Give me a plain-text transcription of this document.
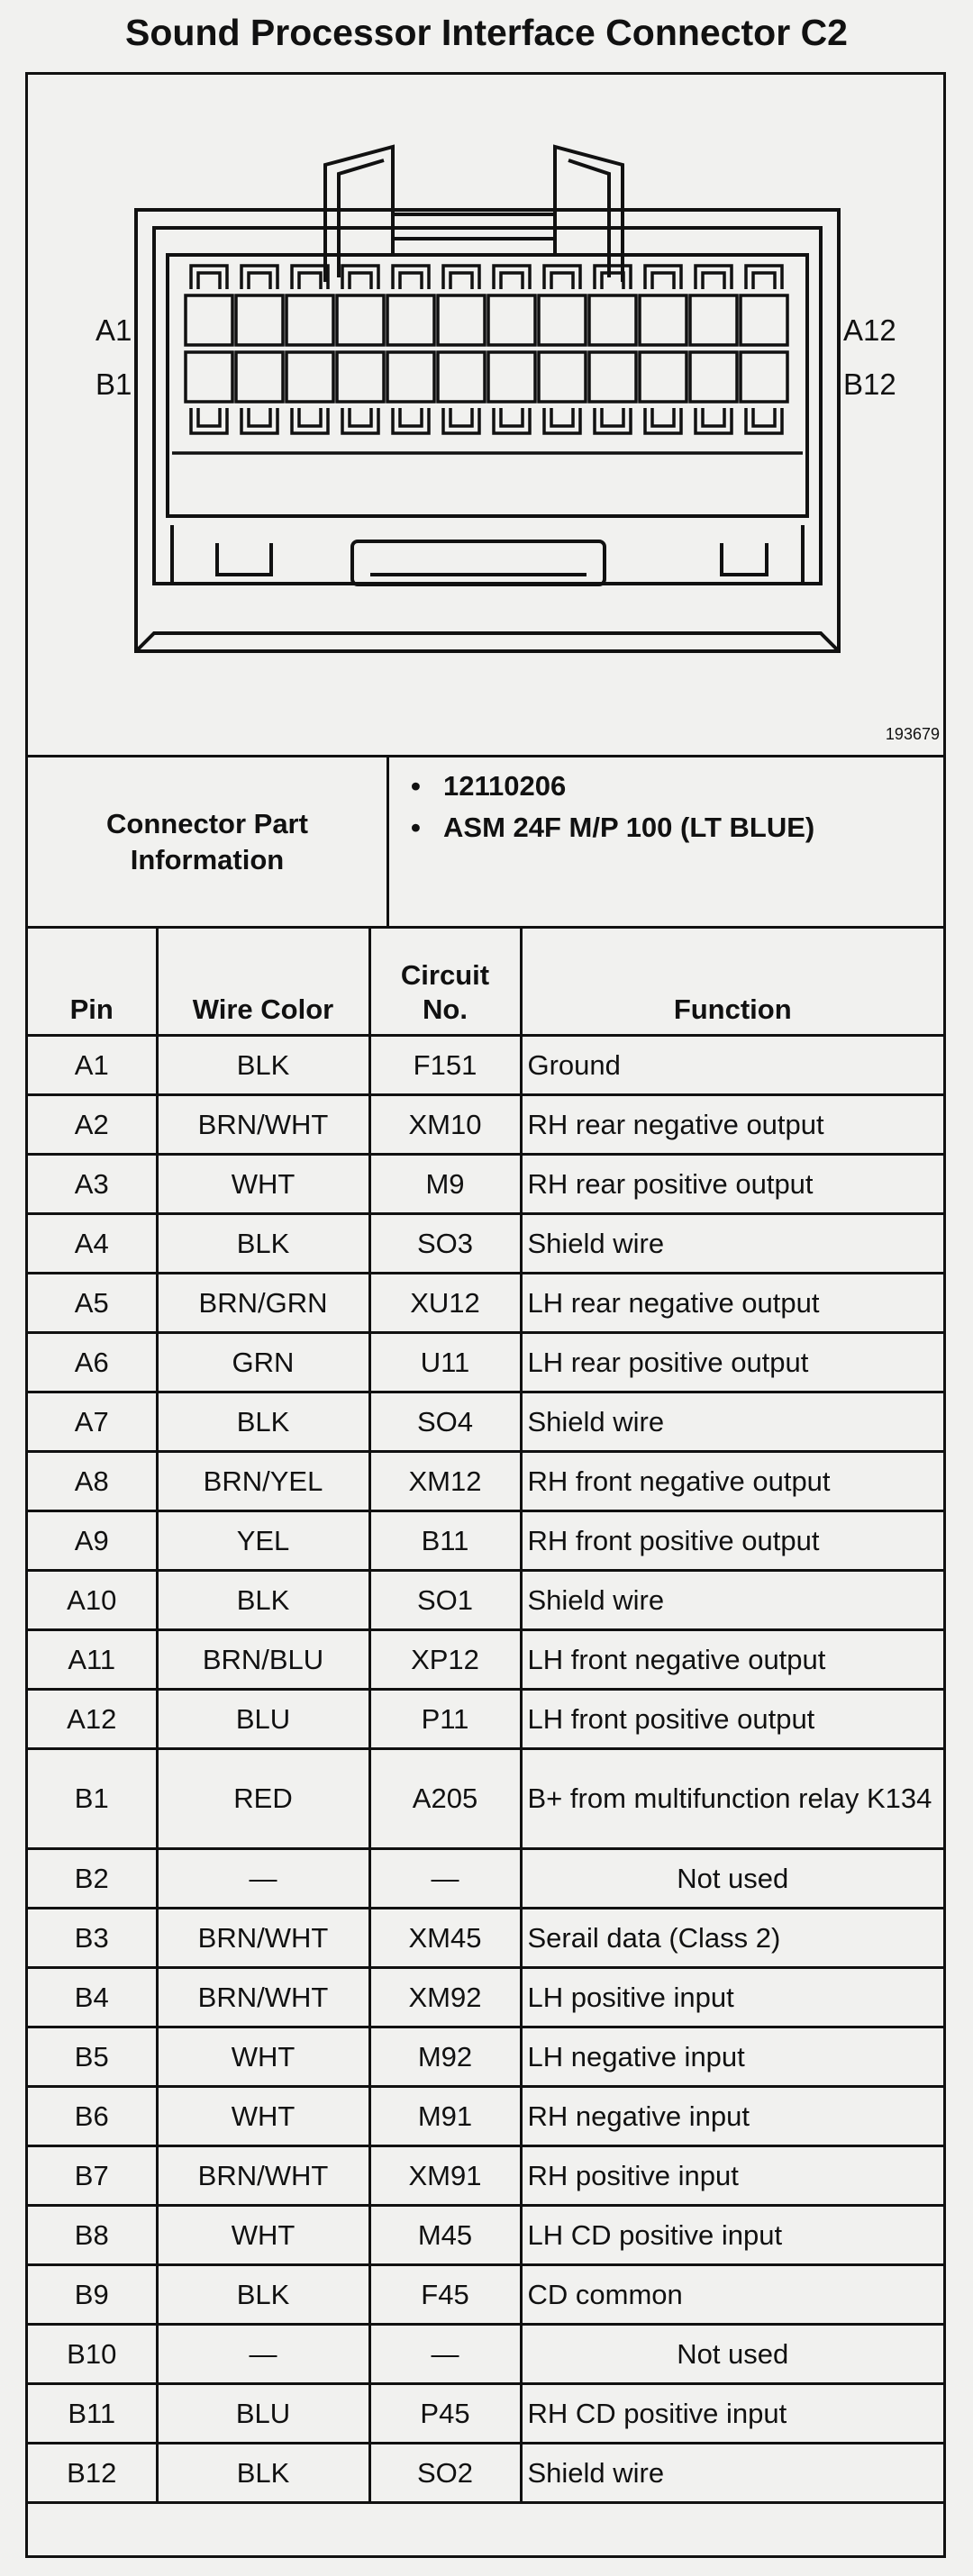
Sound Processor Interface Connector C2
A1
B1
A12
B12
193679
Connector Part Information
• 12110206
• ASM 24F M/P 100 (LT BLUE)
Pin	Wire Color	Circuit No.	Function
A1	BLK	F151	Ground
A2	BRN/WHT	XM10	RH rear negative output
A3	WHT	M9	RH rear positive output
A4	BLK	SO3	Shield wire
A5	BRN/GRN	XU12	LH rear negative output
A6	GRN	U11	LH rear positive output
A7	BLK	SO4	Shield wire
A8	BRN/YEL	XM12	RH front negative output
A9	YEL	B11	RH front positive output
A10	BLK	SO1	Shield wire
A11	BRN/BLU	XP12	LH front negative output
A12	BLU	P11	LH front positive output
B1	RED	A205	B+ from multifunction relay K134
B2	—	—	Not used
B3	BRN/WHT	XM45	Serail data (Class 2)
B4	BRN/WHT	XM92	LH positive input
B5	WHT	M92	LH negative input
B6	WHT	M91	RH negative input
B7	BRN/WHT	XM91	RH positive input
B8	WHT	M45	LH CD positive input
B9	BLK	F45	CD common
B10	—	—	Not used
B11	BLU	P45	RH CD positive input
B12	BLK	SO2	Shield wire
